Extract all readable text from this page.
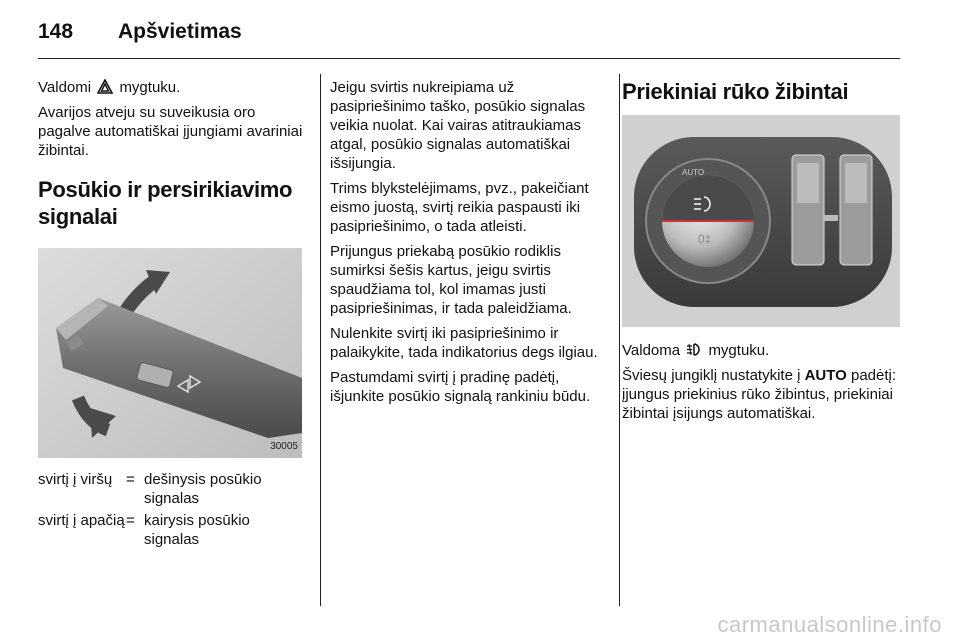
148 Apšvietimas

Valdomi mygtuku.

Avarijos atveju su suveikusia oro pagalve automatiškai įjungiami avariniai žibintai.

Posūkio ir persirikiavimo signalai
30005
svirtį į viršų = dešinysis posūkio signalas
svirtį į apačią = kairysis posūkio signalas

Jeigu svirtis nukreipiama už pasipriešinimo taško, posūkio signalas veikia nuolat. Kai vairas atitraukiamas atgal, posūkio signalas automatiškai išsijungia.

Trims blykstelėjimams, pvz., pakeičiant eismo juostą, svirtį reikia paspausti iki pasipriešinimo, o tada atleisti.

Prijungus priekabą posūkio rodiklis sumirksi šešis kartus, jeigu svirtis spaudžiama tol, kol imamas justi pasipriešinimas, ir tada paleidžiama.

Nulenkite svirtį iki pasipriešinimo ir palaikykite, tada indikatorius degs ilgiau.

Pastumdami svirtį į pradinę padėtį, išjunkite posūkio signalą rankiniu būdu.

Priekiniai rūko žibintai
AUTO
0‡

Valdoma mygtuku.

Šviesų jungiklį nustatykite į AUTO padėtį: įjungus priekinius rūko žibintus, priekiniai žibintai įsijungs automatiškai.

carmanualsonline.info
